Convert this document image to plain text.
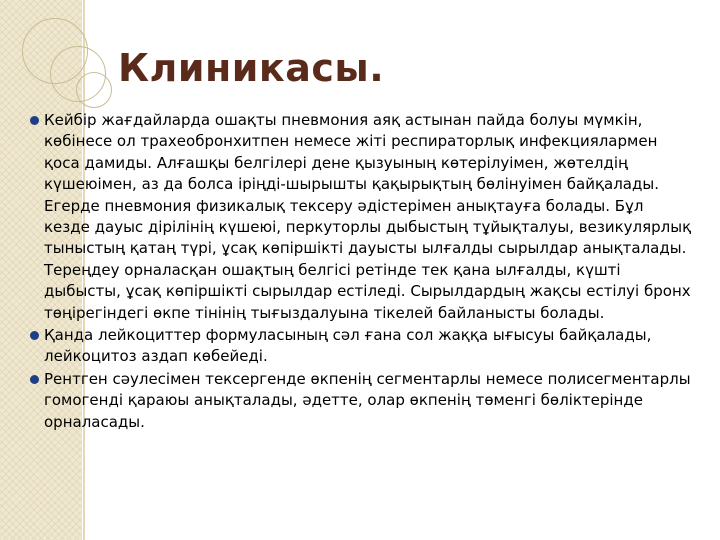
Клиникасы.
Кейбір жағдайларда ошақты пневмония аяқ астынан пайда болуы мүмкін, көбінесе ол трахеобронхитпен немесе жіті респираторлық инфекциялармен қоса дамиды. Алғашқы белгілері дене қызуының көтерілуімен, жөтелдің күшеюімен, аз да болса іріңді-шырышты қақырықтың бөлінуімен байқалады. Егерде пневмония физикалық тексеру әдістерімен анықтауға болады. Бұл кезде дауыс дірілінің күшеюі, перкуторлы дыбыстың тұйықталуы, везикулярлық тыныстың қатаң түрі, ұсақ көпіршікті дауысты ылғалды сырылдар анықталады. Тереңдеу орналасқан ошақтың белгісі ретінде тек қана ылғалды, күшті дыбысты, ұсақ көпіршікті сырылдар естіледі. Сырылдардың жақсы естілуі бронх төңірегіндегі өкпе тінінің тығыздалуына тікелей байланысты болады.
Қанда лейкоциттер формуласының сәл ғана сол жаққа ығысуы байқалады, лейкоцитоз аздап көбейеді.
Рентген сәулесімен тексергенде өкпенің сегментарлы немесе полисегментарлы гомогенді қараюы анықталады, әдетте, олар өкпенің төменгі бөліктерінде орналасады.
